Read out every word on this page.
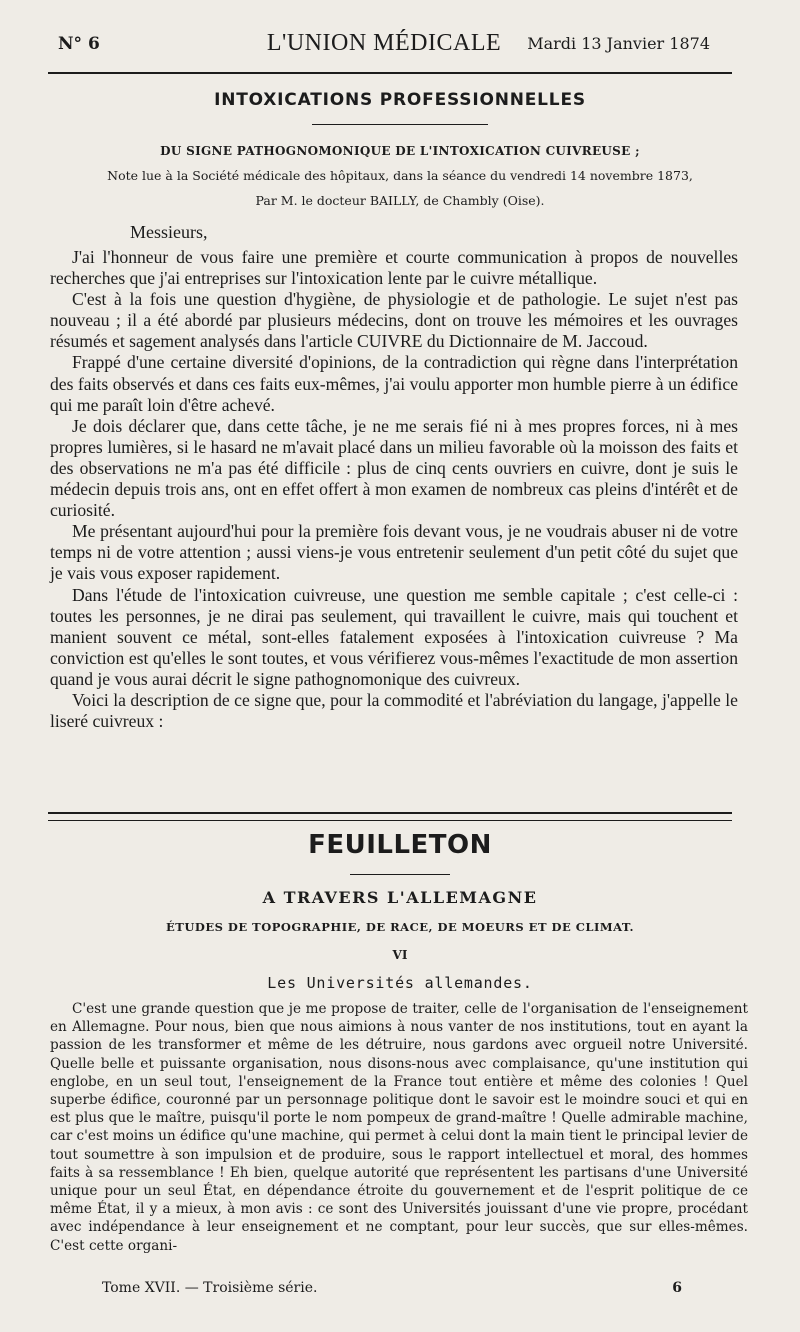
N° 6	L'UNION MÉDICALE	Mardi 13 Janvier 1874
INTOXICATIONS PROFESSIONNELLES
DU SIGNE PATHOGNOMONIQUE DE L'INTOXICATION CUIVREUSE ;
Note lue à la Société médicale des hôpitaux, dans la séance du vendredi 14 novembre 1873,
Par M. le docteur BAILLY, de Chambly (Oise).
Messieurs,

J'ai l'honneur de vous faire une première et courte communication à propos de nouvelles recherches que j'ai entreprises sur l'intoxication lente par le cuivre métallique.

C'est à la fois une question d'hygiène, de physiologie et de pathologie. Le sujet n'est pas nouveau ; il a été abordé par plusieurs médecins, dont on trouve les mémoires et les ouvrages résumés et sagement analysés dans l'article CUIVRE du Dictionnaire de M. Jaccoud.

Frappé d'une certaine diversité d'opinions, de la contradiction qui règne dans l'interprétation des faits observés et dans ces faits eux-mêmes, j'ai voulu apporter mon humble pierre à un édifice qui me paraît loin d'être achevé.

Je dois déclarer que, dans cette tâche, je ne me serais fié ni à mes propres forces, ni à mes propres lumières, si le hasard ne m'avait placé dans un milieu favorable où la moisson des faits et des observations ne m'a pas été difficile : plus de cinq cents ouvriers en cuivre, dont je suis le médecin depuis trois ans, ont en effet offert à mon examen de nombreux cas pleins d'intérêt et de curiosité.

Me présentant aujourd'hui pour la première fois devant vous, je ne voudrais abuser ni de votre temps ni de votre attention ; aussi viens-je vous entretenir seulement d'un petit côté du sujet que je vais vous exposer rapidement.

Dans l'étude de l'intoxication cuivreuse, une question me semble capitale ; c'est celle-ci : toutes les personnes, je ne dirai pas seulement, qui travaillent le cuivre, mais qui touchent et manient souvent ce métal, sont-elles fatalement exposées à l'intoxication cuivreuse ? Ma conviction est qu'elles le sont toutes, et vous vérifierez vous-mêmes l'exactitude de mon assertion quand je vous aurai décrit le signe pathognomonique des cuivreux.

Voici la description de ce signe que, pour la commodité et l'abréviation du langage, j'appelle le liseré cuivreux :

FEUILLETON
A TRAVERS L'ALLEMAGNE
ÉTUDES DE TOPOGRAPHIE, DE RACE, DE MOEURS ET DE CLIMAT.
VI
Les Universités allemandes.

C'est une grande question que je me propose de traiter, celle de l'organisation de l'enseignement en Allemagne. Pour nous, bien que nous aimions à nous vanter de nos institutions, tout en ayant la passion de les transformer et même de les détruire, nous gardons avec orgueil notre Université. Quelle belle et puissante organisation, nous disons-nous avec complaisance, qu'une institution qui englobe, en un seul tout, l'enseignement de la France tout entière et même des colonies ! Quel superbe édifice, couronné par un personnage politique dont le savoir est le moindre souci et qui en est plus que le maître, puisqu'il porte le nom pompeux de grand-maître ! Quelle admirable machine, car c'est moins un édifice qu'une machine, qui permet à celui dont la main tient le principal levier de tout soumettre à son impulsion et de produire, sous le rapport intellectuel et moral, des hommes faits à sa ressemblance ! Eh bien, quelque autorité que représentent les partisans d'une Université unique pour un seul État, en dépendance étroite du gouvernement et de l'esprit politique de ce même État, il y a mieux, à mon avis : ce sont des Universités jouissant d'une vie propre, procédant avec indépendance à leur enseignement et ne comptant, pour leur succès, que sur elles-mêmes. C'est cette organi-

Tome XVII. — Troisième série.	6
